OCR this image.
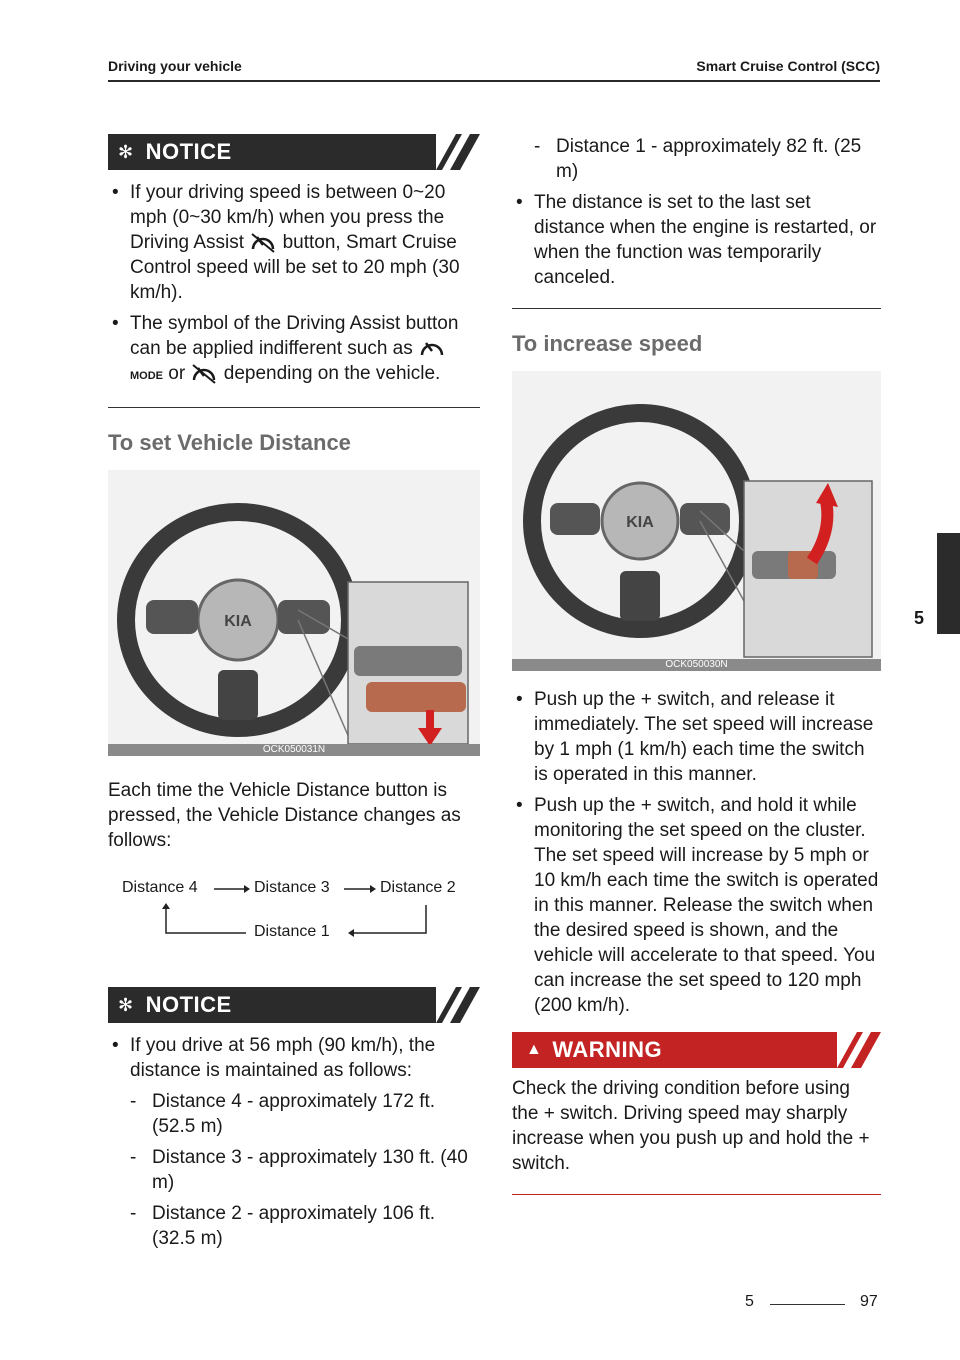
Driving your vehicle	Smart Cruise Control (SCC)
✻ NOTICE
• If your driving speed is between 0~20 mph (0~30 km/h) when you press the Driving Assist button, Smart Cruise Control speed will be set to 20 mph (30 km/h).
• The symbol of the Driving Assist button can be applied indifferent such as MODE or depending on the vehicle.
To set Vehicle Distance
KIA
OCK050031N

Each time the Vehicle Distance button is pressed, the Vehicle Distance changes as follows:

Distance 4	Distance 3	Distance 2
Distance 1
✻ NOTICE
• If you drive at 56 mph (90 km/h), the distance is maintained as follows:
- Distance 4 - approximately 172 ft. (52.5 m)
- Distance 3 - approximately 130 ft. (40 m)
- Distance 2 - approximately 106 ft. (32.5 m)
- Distance 1 - approximately 82 ft. (25 m)
• The distance is set to the last set distance when the engine is restarted, or when the function was temporarily canceled.
To increase speed
KIA
OCK050030N
• Push up the + switch, and release it immediately. The set speed will increase by 1 mph (1 km/h) each time the switch is operated in this manner.
• Push up the + switch, and hold it while monitoring the set speed on the cluster. The set speed will increase by 5 mph or 10 km/h each time the switch is operated in this manner. Release the switch when the desired speed is shown, and the vehicle will accelerate to that speed. You can increase the set speed to 120 mph (200 km/h).
▲ WARNING

Check the driving condition before using the + switch. Driving speed may sharply increase when you push up and hold the + switch.

5
5	97
